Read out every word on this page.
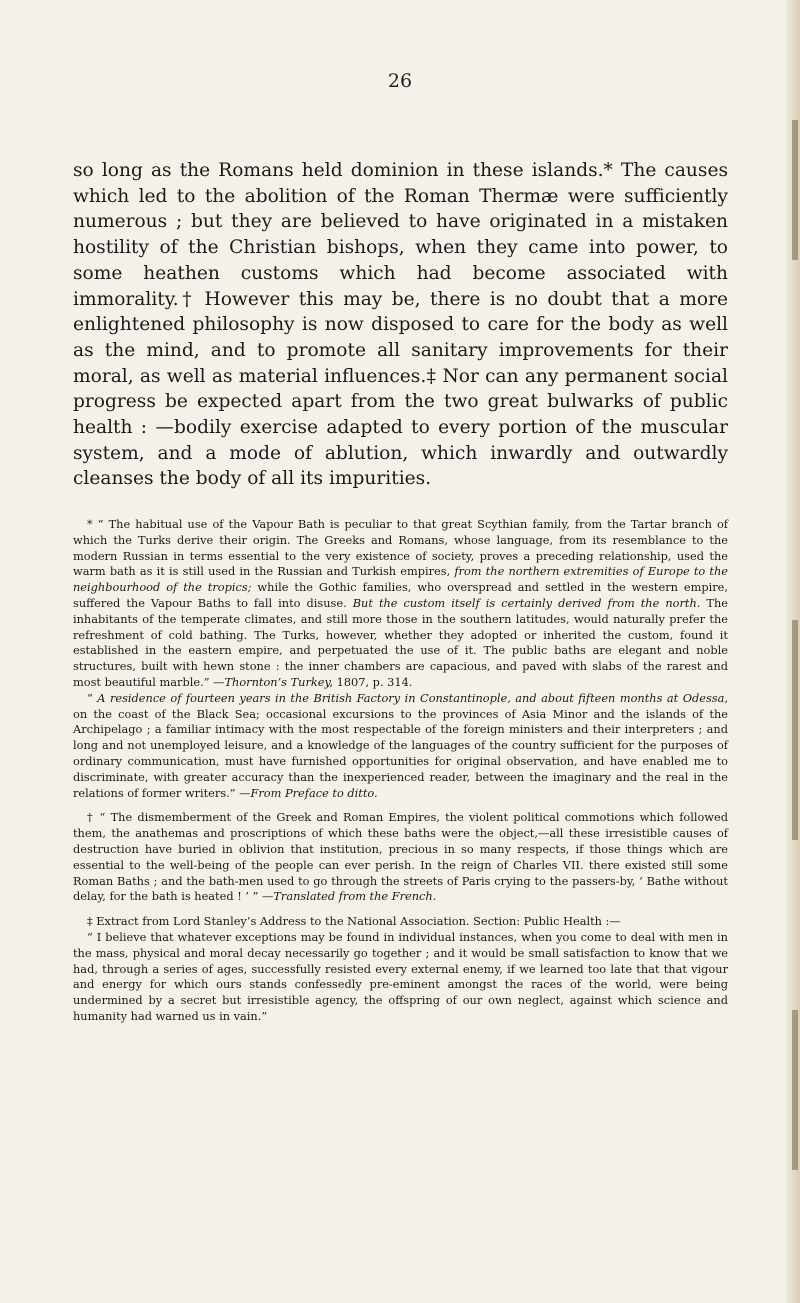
26

so long as the Romans held dominion in these islands.* The causes which led to the abolition of the Roman Thermæ were sufficiently numerous ; but they are believed to have originated in a mistaken hostility of the Christian bishops, when they came into power, to some heathen customs which had become associated with immorality.† However this may be, there is no doubt that a more enlightened philosophy is now disposed to care for the body as well as the mind, and to promote all sanitary improvements for their moral, as well as material influences.‡ Nor can any permanent social progress be expected apart from the two great bulwarks of public health : —bodily exercise adapted to every portion of the muscular system, and a mode of ablution, which inwardly and outwardly cleanses the body of all its impurities.

* “ The habitual use of the Vapour Bath is peculiar to that great Scythian family, from the Tartar branch of which the Turks derive their origin. The Greeks and Romans, whose language, from its resemblance to the modern Russian in terms essential to the very existence of society, proves a preceding relationship, used the warm bath as it is still used in the Russian and Turkish empires, from the northern extremities of Europe to the neighbourhood of the tropics; while the Gothic families, who overspread and settled in the western empire, suffered the Vapour Baths to fall into disuse. But the custom itself is certainly derived from the north. The inhabitants of the temperate climates, and still more those in the southern latitudes, would naturally prefer the refreshment of cold bathing. The Turks, however, whether they adopted or inherited the custom, found it established in the eastern empire, and perpetuated the use of it. The public baths are elegant and noble structures, built with hewn stone : the inner chambers are capacious, and paved with slabs of the rarest and most beautiful marble.” —Thornton’s Turkey, 1807, p. 314.

“ A residence of fourteen years in the British Factory in Constantinople, and about fifteen months at Odessa, on the coast of the Black Sea; occasional excursions to the provinces of Asia Minor and the islands of the Archipelago ; a familiar intimacy with the most respectable of the foreign ministers and their interpreters ; and long and not unemployed leisure, and a knowledge of the languages of the country sufficient for the purposes of ordinary communication, must have furnished opportunities for original observation, and have enabled me to discriminate, with greater accuracy than the inexperienced reader, between the imaginary and the real in the relations of former writers.” —From Preface to ditto.

† “ The dismemberment of the Greek and Roman Empires, the violent political commotions which followed them, the anathemas and proscriptions of which these baths were the object,—all these irresistible causes of destruction have buried in oblivion that institution, precious in so many respects, if those things which are essential to the well-being of the people can ever perish. In the reign of Charles VII. there existed still some Roman Baths ; and the bath-men used to go through the streets of Paris crying to the passers-by, ‘ Bathe without delay, for the bath is heated ! ’ ” —Translated from the French.

‡ Extract from Lord Stanley’s Address to the National Association. Section: Public Health :—

“ I believe that whatever exceptions may be found in individual instances, when you come to deal with men in the mass, physical and moral decay necessarily go together ; and it would be small satisfaction to know that we had, through a series of ages, successfully resisted every external enemy, if we learned too late that that vigour and energy for which ours stands confessedly pre-eminent amongst the races of the world, were being undermined by a secret but irresistible agency, the offspring of our own neglect, against which science and humanity had warned us in vain.”
